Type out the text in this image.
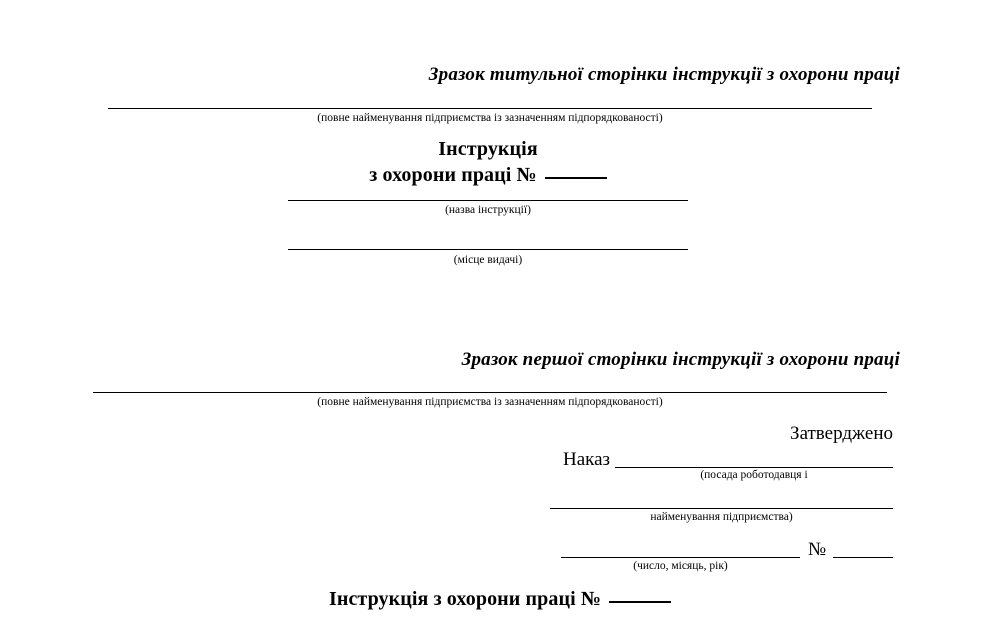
Зразок титульної сторінки інструкції з охорони праці
(повне найменування підприємства із зазначенням підпорядкованості)
Інструкція
з охорони праці №
(назва інструкції)
(місце видачі)
Зразок першої сторінки інструкції з охорони праці
(повне найменування підприємства із зазначенням підпорядкованості)
Затверджено
Наказ
(посада роботодавця і
найменування підприємства)
(число, місяць, рік)
№
Інструкція з охорони праці №
